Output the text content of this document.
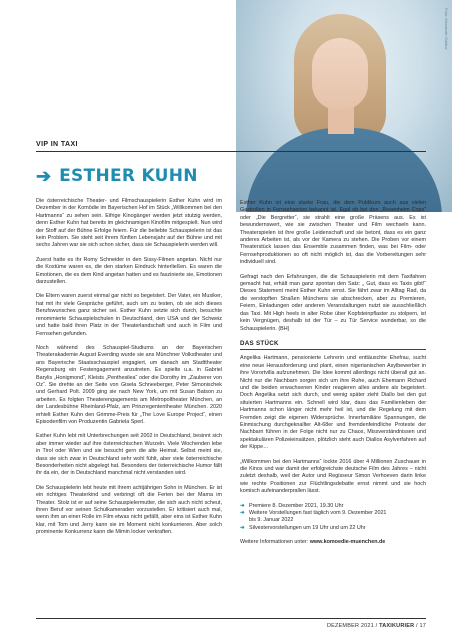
Foto: Alexander Dalibor
VIP IN TAXI
➔ ESTHER KUHN

Die österreichische Theater- und Filmschauspielerin Esther Kuhn wird im Dezember in der Komödie im Bayerischen Hof im Stück „Willkommen bei den Hartmanns“ zu sehen sein. Eifrige Kinogänger werden jetzt stutzig werden, denn Esther Kuhn hat bereits im gleichnamigen Kinofilm mitgespielt. Nun wird der Stoff auf der Bühne Erfolge feiern. Für die beliebte Schauspielerin ist das kein Problem. Sie steht seit ihrem fünften Lebensjahr auf der Bühne und mit sechs Jahren war sie sich schon sicher, dass sie Schauspielerin werden will.

Zuerst hatte es ihr Romy Schneider in den Sissy-Filmen angetan. Nicht nur die Kostüme waren es, die den starken Eindruck hinterließen. Es waren die Emotionen, die es dem Kind angetan hatten und es faszinierte sie, Emotionen darzustellen.

Die Eltern waren zuerst einmal gar nicht so begeistert. Der Vater, ein Musiker, hat mit ihr viele Gespräche geführt, auch um zu testen, ob sie sich dieses Berufswunsches ganz sicher sei. Esther Kuhn setzte sich durch, besuchte renommierte Schauspielschulen in Deutschland, den USA und der Schweiz und hatte bald ihren Platz in der Theaterlandschaft und auch in Film und Fernsehen gefunden.

Noch während des Schauspiel-Studiums an der Bayerischen Theaterakademie August Everding wurde sie ans Münchner Volkstheater und ans Bayerische Staatsschauspiel engagiert, um danach am Stadttheater Regensburg ein Festengagement anzutreten. Es spielte u.a. in Gabriel Barylis „Honigmond“, Kleists „Penthesilea“ oder die Dorothy im „Zauberer von Oz“. Sie drehte an der Seite von Gisela Schneeberger, Peter Simonischek und Gerhard Polt. 2009 ging sie nach New York, um mit Susan Batson zu arbeiten. Es folgten Theaterengagements am Metropoltheater München, an der Landesbühne Rheinland-Pfalz, am Prinzregententheater München. 2020 erhielt Esther Kuhn den Grimme-Preis für „The Love Europe Project“, einen Episodenfilm von Produzentin Gabriela Sperl.

Esther Kuhn lebt mit Unterbrechungen seit 2002 in Deutschland, besinnt sich aber immer wieder auf ihre österreichischen Wurzeln. Viele Wochenden lebe in Tirol oder Wien und sie besucht gern die alte Heimat. Selbst meint sie, dass sie sich zwar in Deutschland sehr wohl fühlt, aber viele österreichische Besonderheiten nicht abgelegt hat. Besonders der österreichische Humor fällt ihr da ein, der in Deutschland manchmal nicht verstanden wird.

Die Schauspielerin lebt heute mit ihrem achtjährigen Sohn in München. Er ist ein richtiges Theaterkind und verbringt oft die Ferien bei der Mama im Theater. Stolz ist er auf seine Schauspielermutter, die sich auch nicht scheut, ihren Beruf vor seinen Schulkameraden vorzustellen. Er kritisiert auch mal, wenn ihm an einer Rolle im Film etwas nicht gefällt, aber eins ist Esther Kuhn klar, mit Tom und Jerry kann sie im Moment nicht konkurrieren. Aber solch prominente Konkurrenz kann die Mimin locker verkraften.

Esther Kuhn ist eine starke Frau, die dem Publikum auch aus vielen Gastrollen in Fernsehserien bekannt ist. Egal ob bei den „Rosenheim Cops“ oder „Die Bergretter“, sie strahlt eine große Präsens aus. Es ist bewundernswert, wie sie zwischen Theater und Film wechseln kann. Theaterspielen ist ihre große Leidenschaft und sie betont, dass es ein ganz anderes Arbeiten ist, als vor der Kamera zu stehen. Die Proben vor einem Theaterstück lassen das Ensemble zusammen finden, was bei Film- oder Fernsehproduktionen so oft nicht möglich ist, das die Vorbereitungen sehr individuell sind.

Gefragt nach den Erfahrungen, die die Schauspielerin mit dem Taxifahren gemacht hat, erhält man ganz spontan den Satz: „ Gut, dass es Taxis gibt!“ Dieses Statement meint Esther Kuhn ernst. Sie fährt zwar im Alltag Rad, da die verstopften Straßen Münchens sie abschrecken, aber zu Premieren, Feiern, Einladungen oder anderen Veranstaltungen nutzt sie ausschließlich das Taxi. Mit High heels in alter Robe über Kopfsteinpflaster zu stolpern, ist kein Vergnügen, deshalb ist der Tür – zu Tür Service wunderbar, so die Schauspielerin. (BH)

DAS STÜCK

Angelika Hartmann, pensionierte Lehrerin und enttäuschte Ehefrau, sucht eine neue Herausforderung und plant, einen nigerianischen Asylbewerber in ihre Vorortvilla aufzunehmen. Die Idee kommt allerdings nicht überall gut an. Nicht nur die Nachbarn sorgen sich um ihre Ruhe, auch Ehemann Richard und die beiden erwachsenen Kinder reagieren alles andere als begeistert. Doch Angelika setzt sich durch, und wenig später zieht Diallo bei den gut situierten Hartmanns ein. Schnell wird klar, dass das Familienleben der Hartmanns schon länger nicht mehr heil ist, und die Regelung mit dem Fremden zeigt die eigenen Widersprüche. Innerfamiliäre Spannungen, die Einmischung durchgeknallter Alt-68er und fremdenfeindliche Proteste der Nachbarn führen in der Folge nicht nur zu Chaos, Missverständnissen und spektakulären Polizeieinsätzen, plötzlich steht auch Diallos Asylverfahren auf der Kippe…

„Willkommen bei den Hartmanns“ lockte 2016 über 4 Millionen Zuschauer in die Kinos und war damit der erfolgreichste deutsche Film des Jahres – nicht zuletzt deshalb, weil der Autor und Regisseur Simon Verhoeven darin linke wie rechte Positionen zur Flüchtlingsdebatte ernst nimmt und sie hoch komisch aufeinanderprallen lässt.

➔ Premiere 8. Dezember 2021, 19.30 Uhr
➔ Weitere Vorstellungen fast täglich vom 9. Dezember 2021
bis 9. Januar 2022
➔ Silvestervorstellungen um 19 Uhr und um 22 Uhr

Weitere Informationen unter: www.komoedie-muenchen.de

DEZEMBER 2021 / TAXIKURIER / 17
